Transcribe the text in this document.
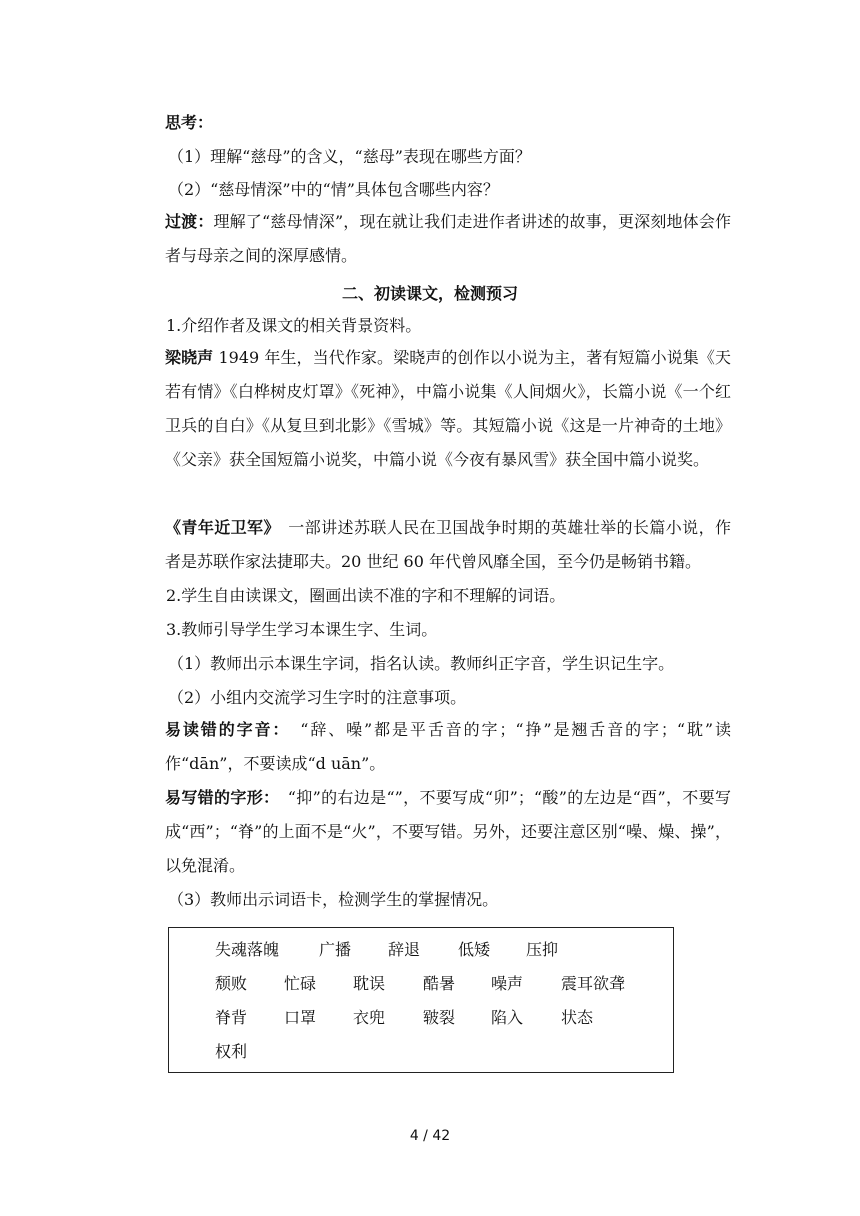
思考：
（1）理解“慈母”的含义，“慈母”表现在哪些方面？
（2）“慈母情深”中的“情”具体包含哪些内容？
过渡：理解了“慈母情深”，现在就让我们走进作者讲述的故事，更深刻地体会作者与母亲之间的深厚感情。
二、初读课文，检测预习
1.介绍作者及课文的相关背景资料。
梁晓声 1949 年生，当代作家。梁晓声的创作以小说为主，著有短篇小说集《天若有情》《白桦树皮灯罩》《死神》，中篇小说集《人间烟火》，长篇小说《一个红卫兵的自白》《从复旦到北影》《雪城》等。其短篇小说《这是一片神奇的土地》《父亲》获全国短篇小说奖，中篇小说《今夜有暴风雪》获全国中篇小说奖。
《青年近卫军》　一部讲述苏联人民在卫国战争时期的英雄壮举的长篇小说，作者是苏联作家法捷耶夫。20 世纪 60 年代曾风靡全国，至今仍是畅销书籍。
2.学生自由读课文，圈画出读不准的字和不理解的词语。
3.教师引导学生学习本课生字、生词。
（1）教师出示本课生字词，指名认读。教师纠正字音，学生识记生字。
（2）小组内交流学习生字时的注意事项。
易读错的字音：　“辞、噪”都是平舌音的字；“挣”是翘舌音的字；“耽”读作“dān”，不要读成“d uān”。
易写错的字形：　“抑”的右边是“”，不要写成“卯”；“酸”的左边是“酉”，不要写成“西”；“脊”的上面不是“火”，不要写错。另外，还要注意区别“噪、燥、操”，以免混淆。
（3）教师出示词语卡，检测学生的掌握情况。
失魂落魄 广播 辞退 低矮 压抑
颓败 忙碌 耽误 酷暑 噪声 震耳欲聋
脊背 口罩 衣兜 皲裂 陷入 状态
权利
4 / 42
